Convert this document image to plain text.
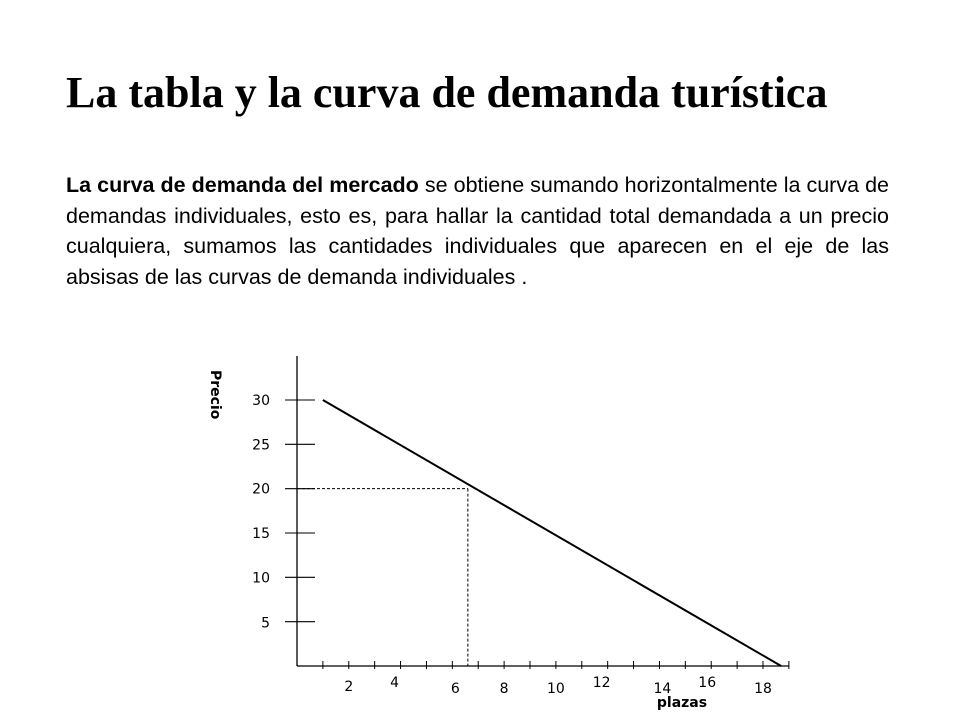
La tabla y la curva de demanda turística
La curva de demanda del mercado se obtiene sumando horizontalmente la curva de demandas individuales, esto es, para hallar la cantidad total demandada a un precio cualquiera, sumamos las cantidades individuales que aparecen en el eje de las absisas de las curvas de demanda individuales .
5
10
15
20
25
30
2	4	6	8	10 12	14 16	18
Precio
plazas
